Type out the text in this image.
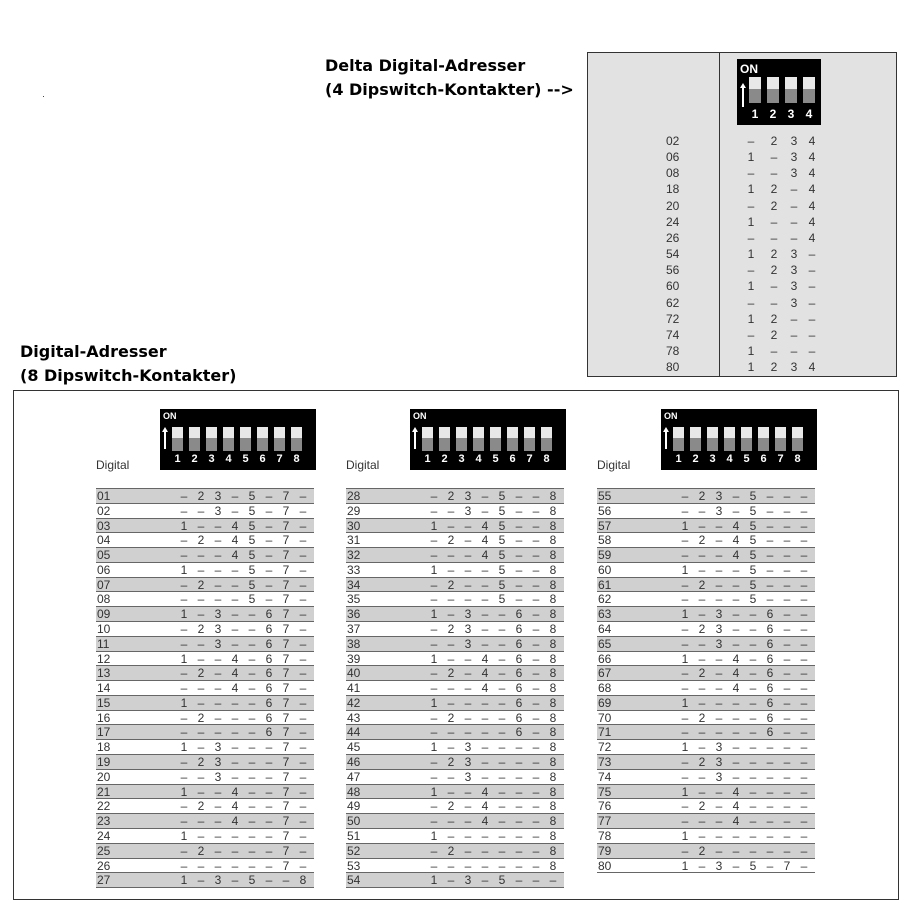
Delta Digital-Adresser
(4 Dipswitch-Kontakter) -->
ON
1 2 3 4
02	– 2 3 4
06	1 – 3 4
08	– – 3 4
18	1 2 – 4
20	– 2 – 4
24	1 – – 4
26	– – – 4
54	1 2 3 –
56	– 2 3 –
60	1 – 3 –
62	– – 3 –
72	1 2 – –
74	– 2 – –
78	1 – – –
80	1 2 3 4
Digital-Adresser
(8 Dipswitch-Kontakter)
Digital
ON
1 2 3 4 5 6 7 8
01	– 2 3 – 5 – 7 –
02	– – 3 – 5 – 7 –
03	1 – – 4 5 – 7 –
04	– 2 – 4 5 – 7 –
05	– – – 4 5 – 7 –
06	1 – – – 5 – 7 –
07	– 2 – – 5 – 7 –
08	– – – – 5 – 7 –
09	1 – 3 – – 6 7 –
10	– 2 3 – – 6 7 –
11	– – 3 – – 6 7 –
12	1 – – 4 – 6 7 –
13	– 2 – 4 – 6 7 –
14	– – – 4 – 6 7 –
15	1 – – – – 6 7 –
16	– 2 – – – 6 7 –
17	– – – – – 6 7 –
18	1 – 3 – – – 7 –
19	– 2 3 – – – 7 –
20	– – 3 – – – 7 –
21	1 – – 4 – – 7 –
22	– 2 – 4 – – 7 –
23	– – – 4 – – 7 –
24	1 – – – – – 7 –
25	– 2 – – – – 7 –
26	– – – – – – 7 –
27	1 – 3 – 5 – – 8
Digital
ON
1 2 3 4 5 6 7 8
28	– 2 3 – 5 – – 8
29	– – 3 – 5 – – 8
30	1 – – 4 5 – – 8
31	– 2 – 4 5 – – 8
32	– – – 4 5 – – 8
33	1 – – – 5 – – 8
34	– 2 – – 5 – – 8
35	– – – – 5 – – 8
36	1 – 3 – – 6 – 8
37	– 2 3 – – 6 – 8
38	– – 3 – – 6 – 8
39	1 – – 4 – 6 – 8
40	– 2 – 4 – 6 – 8
41	– – – 4 – 6 – 8
42	1 – – – – 6 – 8
43	– 2 – – – 6 – 8
44	– – – – – 6 – 8
45	1 – 3 – – – – 8
46	– 2 3 – – – – 8
47	– – 3 – – – – 8
48	1 – – 4 – – – 8
49	– 2 – 4 – – – 8
50	– – – 4 – – – 8
51	1 – – – – – – 8
52	– 2 – – – – – 8
53	– – – – – – – 8
54	1 – 3 – 5 – – –
Digital
ON
1 2 3 4 5 6 7 8
55	– 2 3 – 5 – – –
56	– – 3 – 5 – – –
57	1 – – 4 5 – – –
58	– 2 – 4 5 – – –
59	– – – 4 5 – – –
60	1 – – – 5 – – –
61	– 2 – – 5 – – –
62	– – – – 5 – – –
63	1 – 3 – – 6 – –
64	– 2 3 – – 6 – –
65	– – 3 – – 6 – –
66	1 – – 4 – 6 – –
67	– 2 – 4 – 6 – –
68	– – – 4 – 6 – –
69	1 – – – – 6 – –
70	– 2 – – – 6 – –
71	– – – – – 6 – –
72	1 – 3 – – – – –
73	– 2 3 – – – – –
74	– – 3 – – – – –
75	1 – – 4 – – – –
76	– 2 – 4 – – – –
77	– – – 4 – – – –
78	1 – – – – – – –
79	– 2 – – – – – –
80	1 – 3 – 5 – 7 –
